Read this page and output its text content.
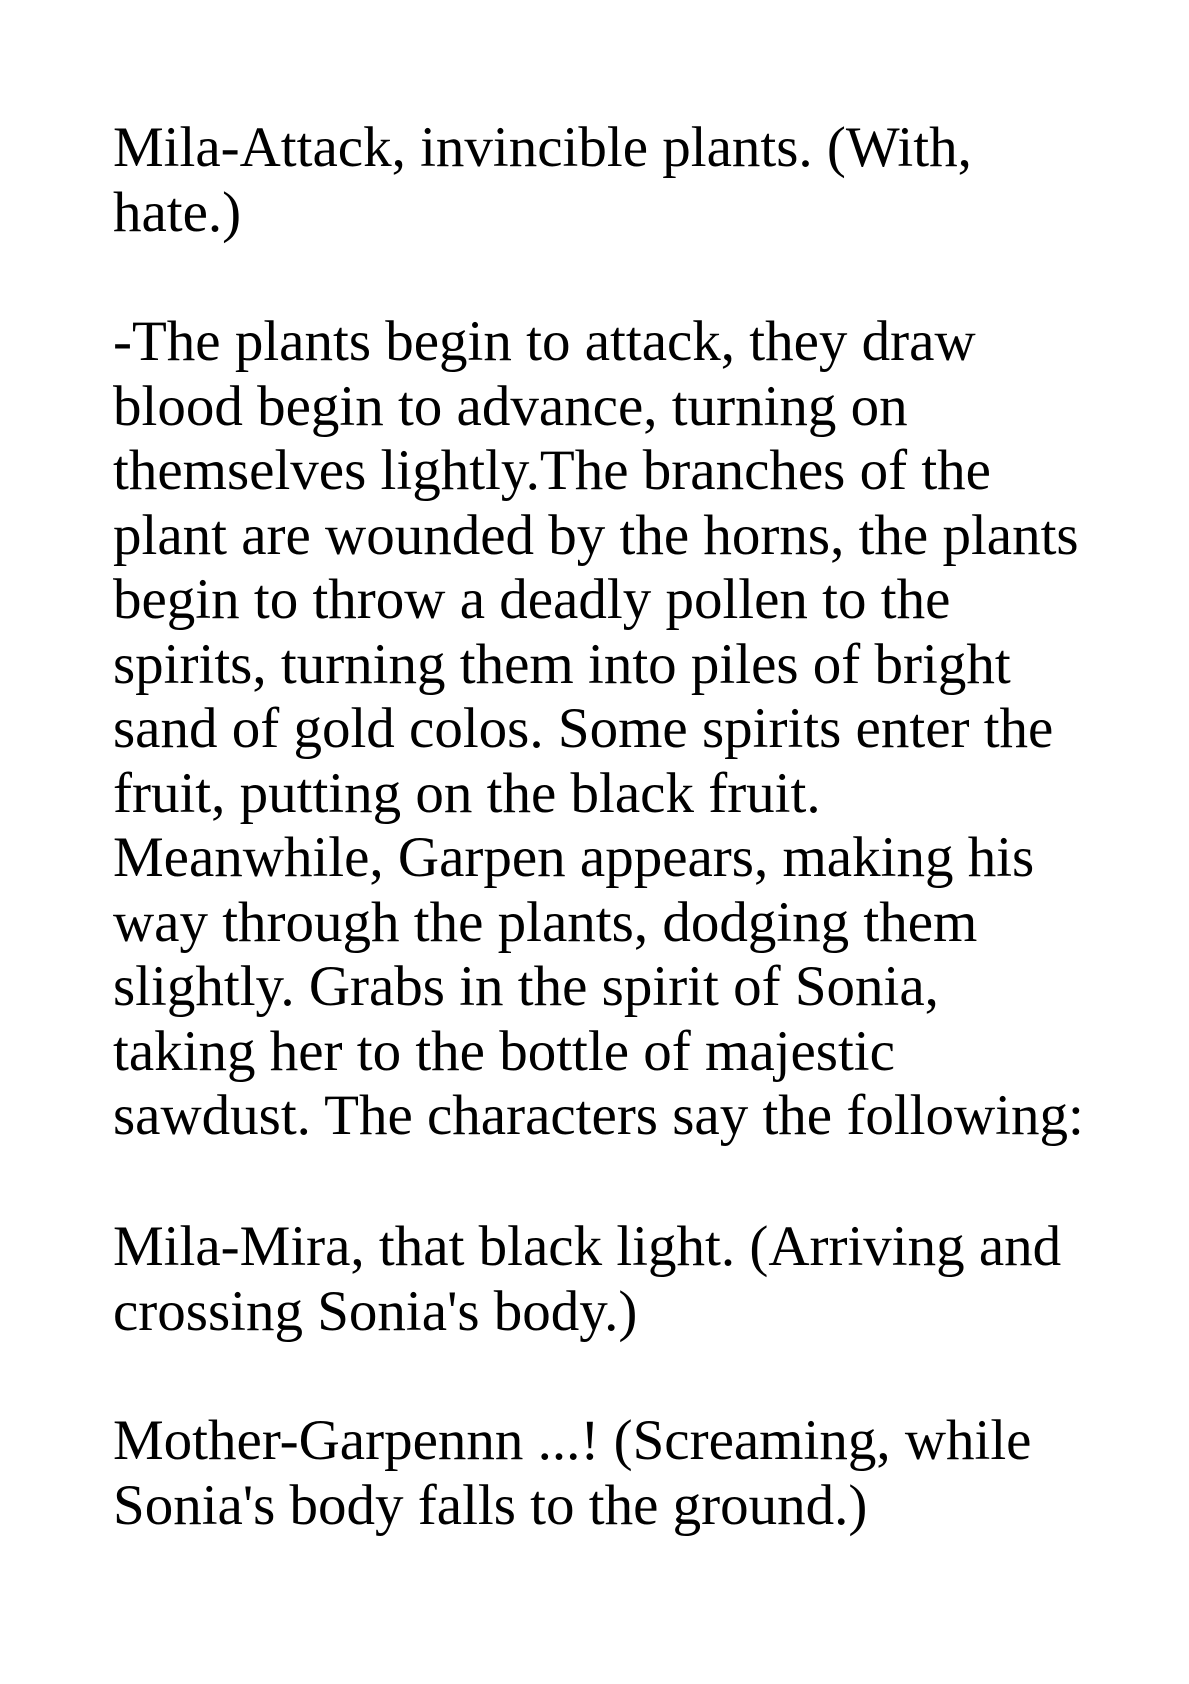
Mila-Attack, invincible plants. (With,
hate.)

-The plants begin to attack, they draw
blood begin to advance, turning on
themselves lightly.The branches of the
plant are wounded by the horns, the plants
begin to throw a deadly pollen to the
spirits, turning them into piles of bright
sand of gold colos. Some spirits enter the
fruit, putting on the black fruit.
Meanwhile, Garpen appears, making his
way through the plants, dodging them
slightly. Grabs in the spirit of Sonia,
taking her to the bottle of majestic
sawdust. The characters say the following:

Mila-Mira, that black light. (Arriving and
crossing Sonia's body.)

Mother-Garpennn ...! (Screaming, while
Sonia's body falls to the ground.)
